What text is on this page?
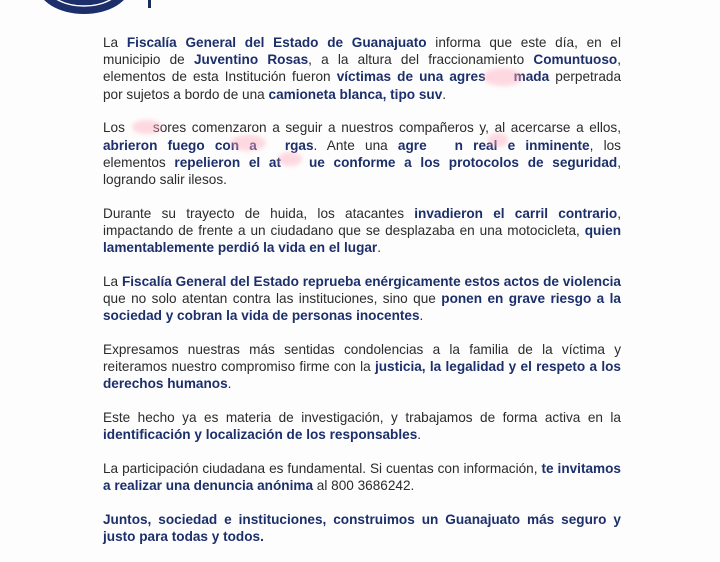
La Fiscalía General del Estado de Guanajuato informa que este día, en el municipio de Juventino Rosas, a la altura del fraccionamiento Comuntuoso, elementos de esta Institución fueron víctimas de una agres mada perpetrada por sujetos a bordo de una camioneta blanca, tipo suv.

Los sores comenzaron a seguir a nuestros compañeros y, al acercarse a ellos, abrieron fuego con a rgas. Ante una agre n real e inminente, los elementos repelieron el at ue conforme a los protocolos de seguridad, logrando salir ilesos.

Durante su trayecto de huida, los atacantes invadieron el carril contrario, impactando de frente a un ciudadano que se desplazaba en una motocicleta, quien lamentablemente perdió la vida en el lugar.

La Fiscalía General del Estado reprueba enérgicamente estos actos de violencia que no solo atentan contra las instituciones, sino que ponen en grave riesgo a la sociedad y cobran la vida de personas inocentes.

Expresamos nuestras más sentidas condolencias a la familia de la víctima y reiteramos nuestro compromiso firme con la justicia, la legalidad y el respeto a los derechos humanos.

Este hecho ya es materia de investigación, y trabajamos de forma activa en la identificación y localización de los responsables.

La participación ciudadana es fundamental. Si cuentas con información, te invitamos a realizar una denuncia anónima al 800 3686242.

Juntos, sociedad e instituciones, construimos un Guanajuato más seguro y justo para todas y todos.
